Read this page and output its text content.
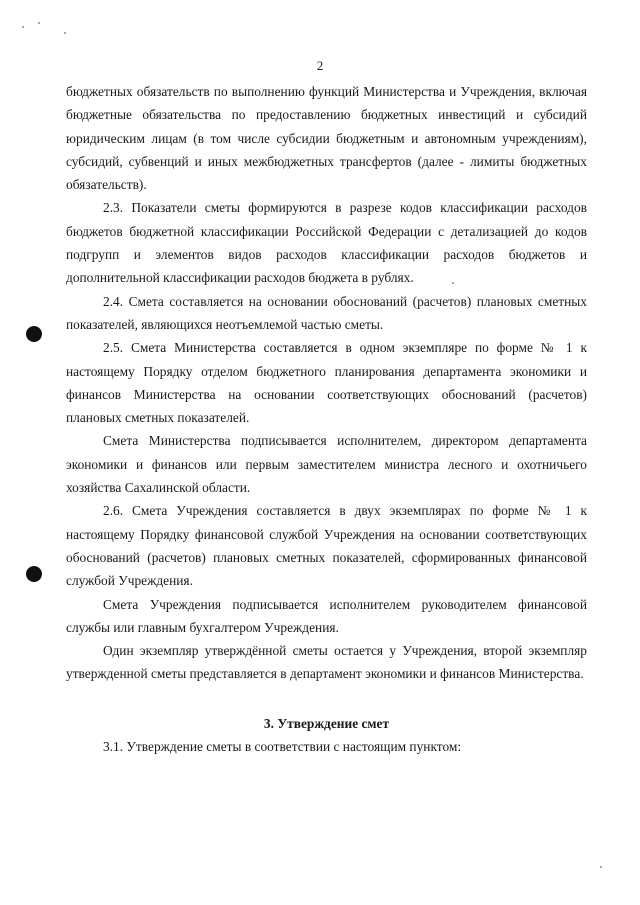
2

бюджетных обязательств по выполнению функций Министерства и Учреждения, включая бюджетные обязательства по предоставлению бюджетных инвестиций и субсидий юридическим лицам (в том числе субсидии бюджетным и автономным учреждениям), субсидий, субвенций и иных межбюджетных трансфертов (далее - лимиты бюджетных обязательств).

2.3. Показатели сметы формируются в разрезе кодов классификации расходов бюджетов бюджетной классификации Российской Федерации с детализацией до кодов подгрупп и элементов видов расходов классификации расходов бюджетов и дополнительной классификации расходов бюджета в рублях.

2.4. Смета составляется на основании обоснований (расчетов) плановых сметных показателей, являющихся неотъемлемой частью сметы.

2.5. Смета Министерства составляется в одном экземпляре по форме № 1 к настоящему Порядку отделом бюджетного планирования департамента экономики и финансов Министерства на основании соответствующих обоснований (расчетов) плановых сметных показателей.

Смета Министерства подписывается исполнителем, директором департамента экономики и финансов или первым заместителем министра лесного и охотничьего хозяйства Сахалинской области.

2.6. Смета Учреждения составляется в двух экземплярах по форме № 1 к настоящему Порядку финансовой службой Учреждения на основании соответствующих обоснований (расчетов) плановых сметных показателей, сформированных финансовой службой Учреждения.

Смета Учреждения подписывается исполнителем руководителем финансовой службы или главным бухгалтером Учреждения.

Один экземпляр утверждённой сметы остается у Учреждения, второй экземпляр утвержденной сметы представляется в департамент экономики и финансов Министерства.

3. Утверждение смет

3.1. Утверждение сметы в соответствии с настоящим пунктом:
